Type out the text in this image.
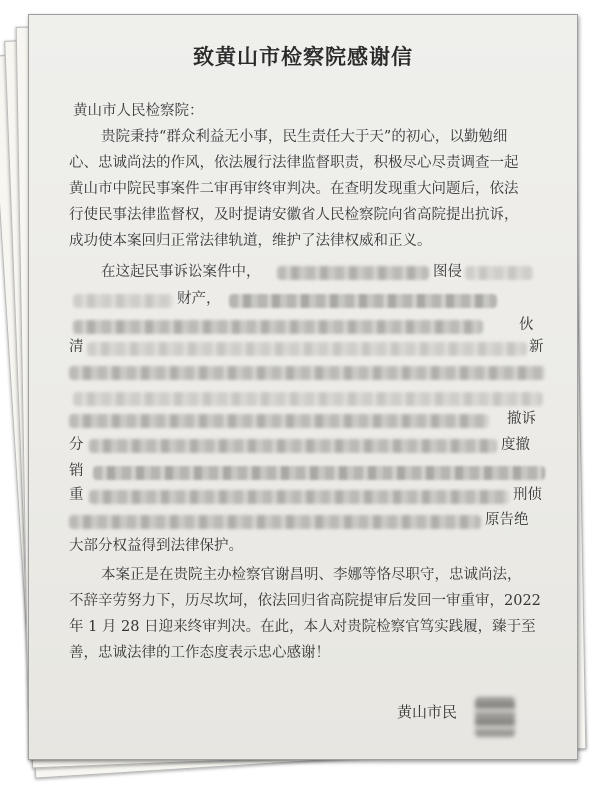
致黄山市检察院感谢信
黄山市人民检察院：
贵院秉持“群众利益无小事，民生责任大于天”的初心，以勤勉细
心、忠诚尚法的作风，依法履行法律监督职责，积极尽心尽责调查一起
黄山市中院民事案件二审再审终审判决。在查明发现重大问题后，依法
行使民事法律监督权，及时提请安徽省人民检察院向省高院提出抗诉，
成功使本案回归正常法律轨道，维护了法律权威和正义。
在这起民事诉讼案件中，	图侵
财产，
伙
清	新
撤诉
分	度撤
销
重	刑侦
原告绝
大部分权益得到法律保护。
本案正是在贵院主办检察官谢昌明、李娜等恪尽职守，忠诚尚法，
不辞辛劳努力下，历尽坎坷，依法回归省高院提审后发回一审重审，2022
年 1 月 28 日迎来终审判决。在此，本人对贵院检察官笃实践履，臻于至
善，忠诚法律的工作态度表示忠心感谢！
黄山市民
